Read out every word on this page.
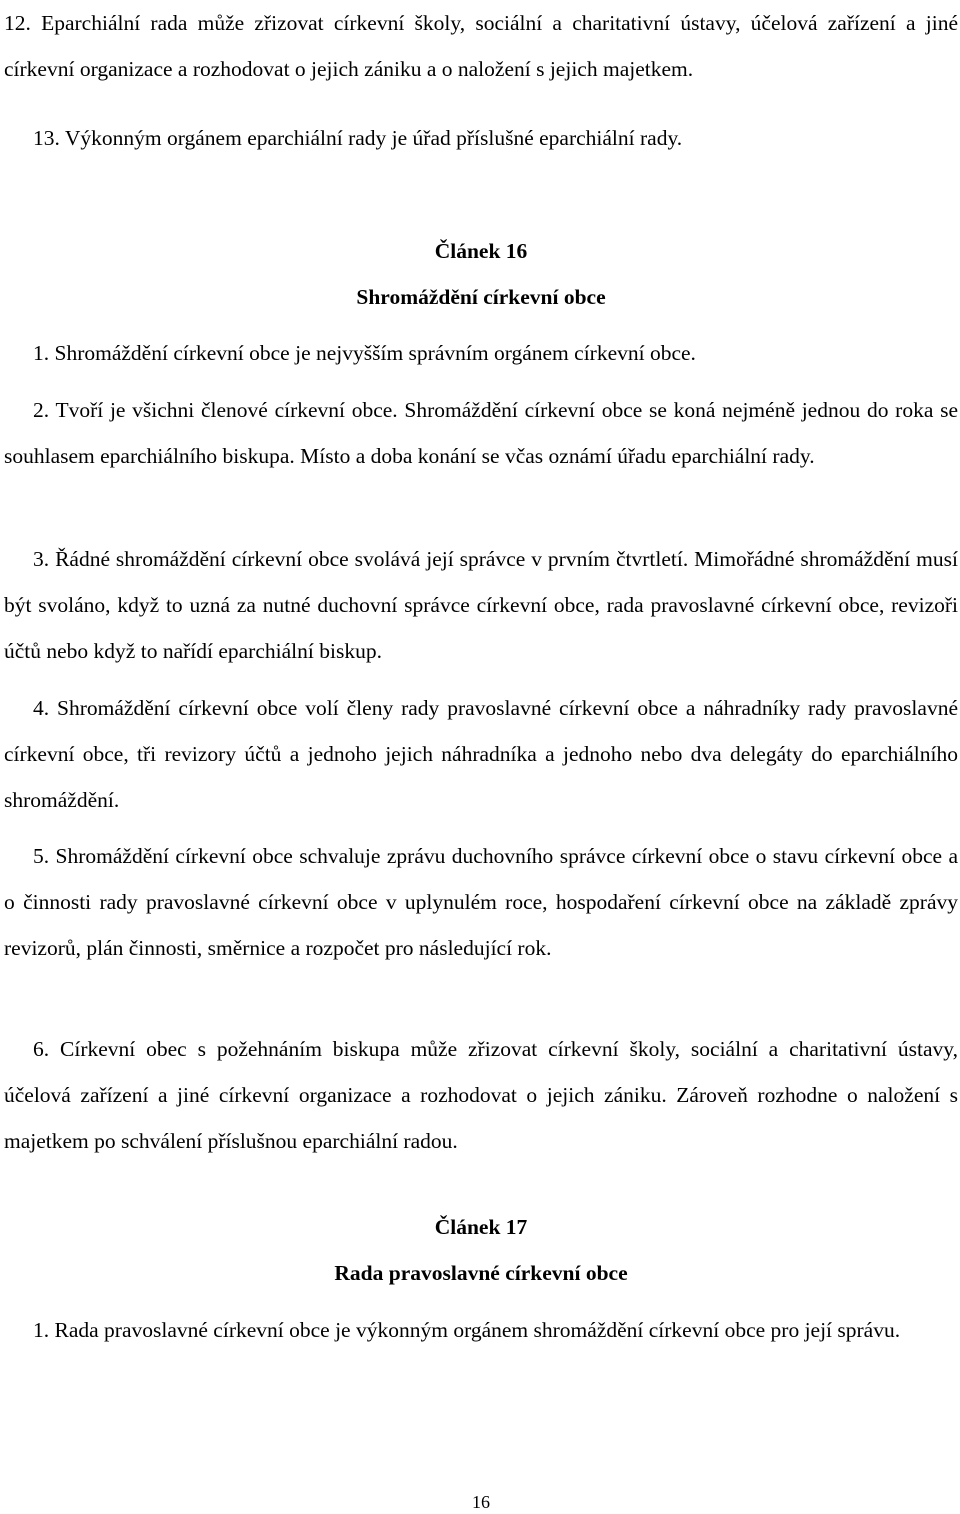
12. Eparchiální rada může zřizovat církevní školy, sociální a charitativní ústavy, účelová zařízení a jiné církevní organizace a rozhodovat o jejich zániku a o naložení s jejich majetkem.

13. Výkonným orgánem eparchiální rady je úřad příslušné eparchiální rady.

Článek 16
Shromáždění církevní obce

1. Shromáždění církevní obce je nejvyšším správním orgánem církevní obce.

2. Tvoří je všichni členové církevní obce. Shromáždění církevní obce se koná nejméně jednou do roka se souhlasem eparchiálního biskupa. Místo a doba konání se včas oznámí úřadu eparchiální rady.

3. Řádné shromáždění církevní obce svolává její správce v prvním čtvrtletí. Mimořádné shromáždění musí být svoláno, když to uzná za nutné duchovní správce církevní obce, rada pravoslavné církevní obce, revizoři účtů nebo když to nařídí eparchiální biskup.

4. Shromáždění církevní obce volí členy rady pravoslavné církevní obce a náhradníky rady pravoslavné církevní obce, tři revizory účtů a jednoho jejich náhradníka a jednoho nebo dva delegáty do eparchiálního shromáždění.

5. Shromáždění církevní obce schvaluje zprávu duchovního správce církevní obce o stavu církevní obce a o činnosti rady pravoslavné církevní obce v uplynulém roce, hospodaření církevní obce na základě zprávy revizorů, plán činnosti, směrnice a rozpočet pro následující rok.

6. Církevní obec s požehnáním biskupa může zřizovat církevní školy, sociální a charitativní ústavy, účelová zařízení a jiné církevní organizace a rozhodovat o jejich zániku. Zároveň rozhodne o naložení s majetkem po schválení příslušnou eparchiální radou.

Článek 17
Rada pravoslavné církevní obce

1. Rada pravoslavné církevní obce je výkonným orgánem shromáždění církevní obce pro její správu.

16
